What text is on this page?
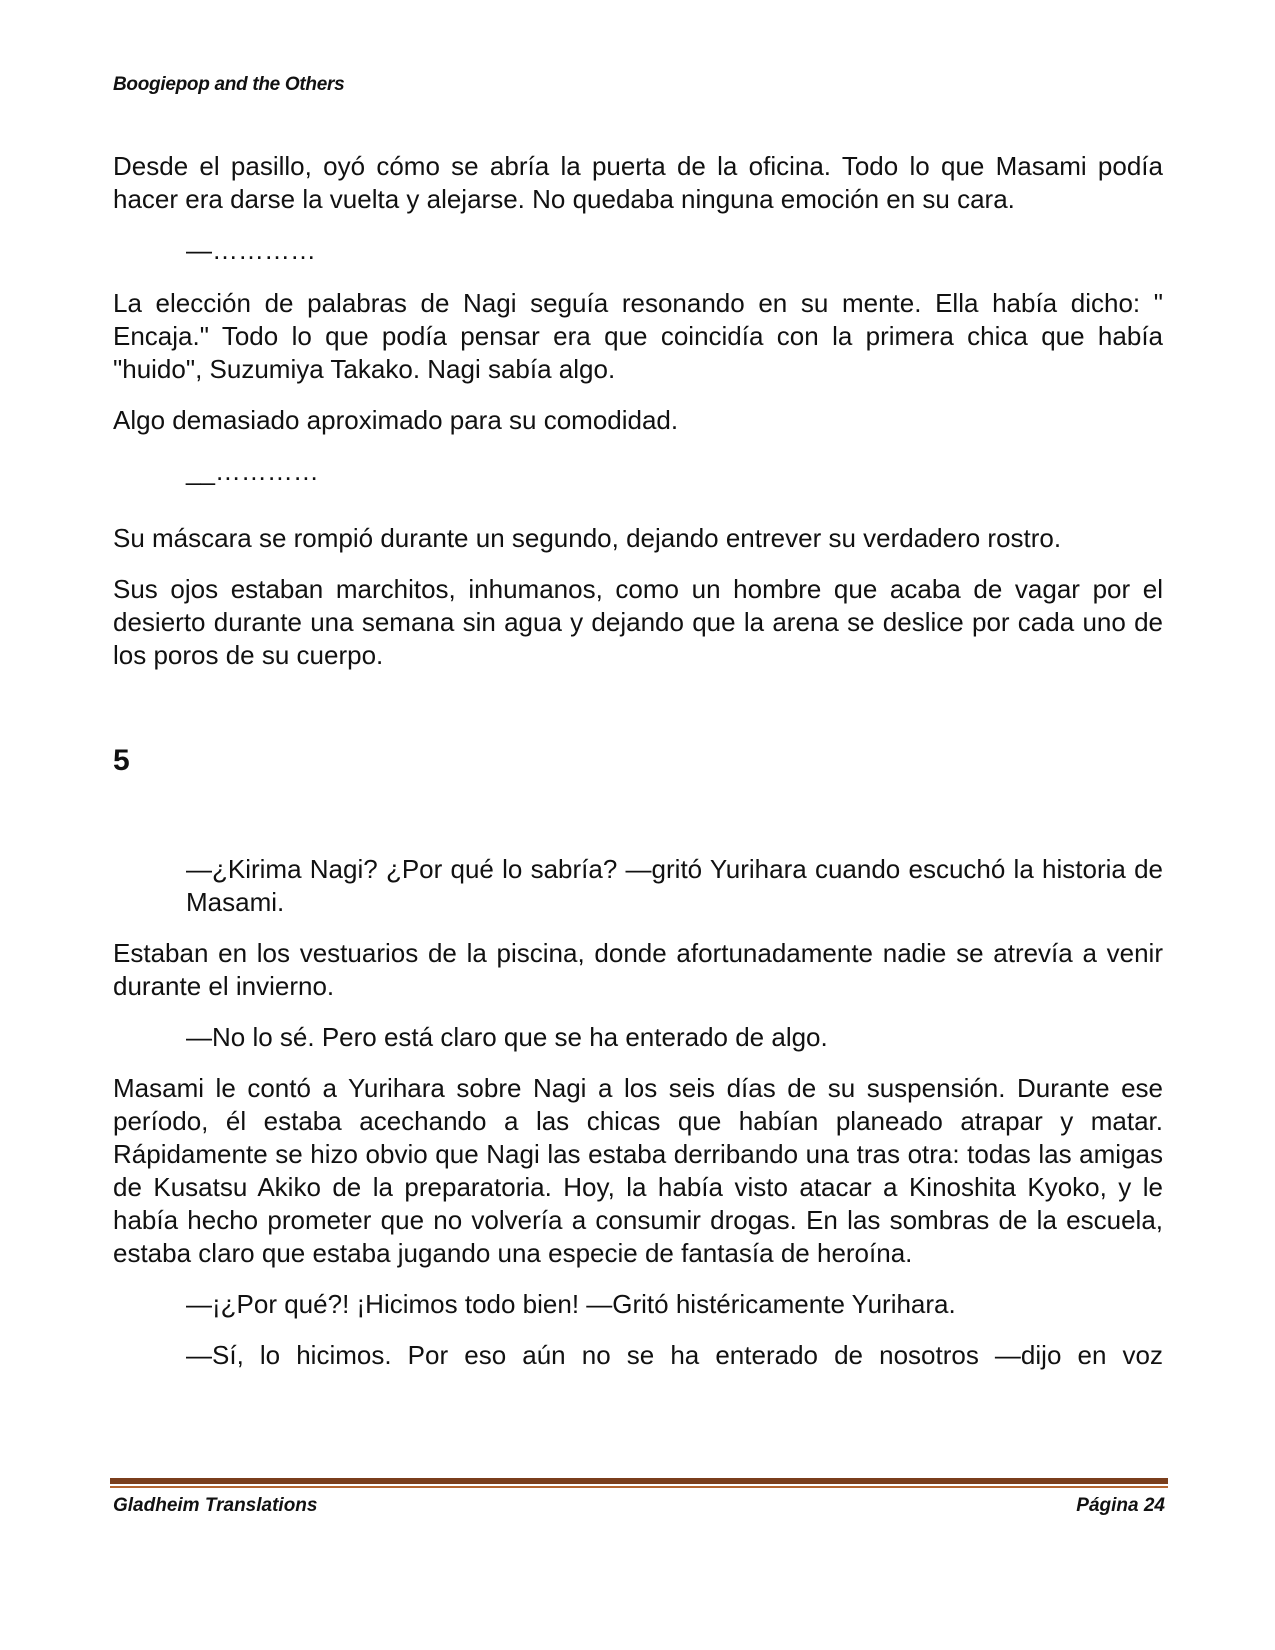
Boogiepop and the Others

Desde el pasillo, oyó cómo se abría la puerta de la oficina. Todo lo que Masami podía hacer era darse la vuelta y alejarse. No quedaba ninguna emoción en su cara.

—…………

La elección de palabras de Nagi seguía resonando en su mente. Ella había dicho: " Encaja." Todo lo que podía pensar era que coincidía con la primera chica que había "huido", Suzumiya Takako. Nagi sabía algo.

Algo demasiado aproximado para su comodidad.

__…………

Su máscara se rompió durante un segundo, dejando entrever su verdadero rostro.

Sus ojos estaban marchitos, inhumanos, como un hombre que acaba de vagar por el desierto durante una semana sin agua y dejando que la arena se deslice por cada uno de los poros de su cuerpo.

5

—¿Kirima Nagi? ¿Por qué lo sabría? —gritó Yurihara cuando escuchó la historia de Masami.

Estaban en los vestuarios de la piscina, donde afortunadamente nadie se atrevía a venir durante el invierno.

—No lo sé. Pero está claro que se ha enterado de algo.

Masami le contó a Yurihara sobre Nagi a los seis días de su suspensión. Durante ese período, él estaba acechando a las chicas que habían planeado atrapar y matar. Rápidamente se hizo obvio que Nagi las estaba derribando una tras otra: todas las amigas de Kusatsu Akiko de la preparatoria. Hoy, la había visto atacar a Kinoshita Kyoko, y le había hecho prometer que no volvería a consumir drogas. En las sombras de la escuela, estaba claro que estaba jugando una especie de fantasía de heroína.

—¡¿Por qué?! ¡Hicimos todo bien! —Gritó histéricamente Yurihara.

—Sí, lo hicimos. Por eso aún no se ha enterado de nosotros —dijo en voz

Gladheim Translations	Página 24
